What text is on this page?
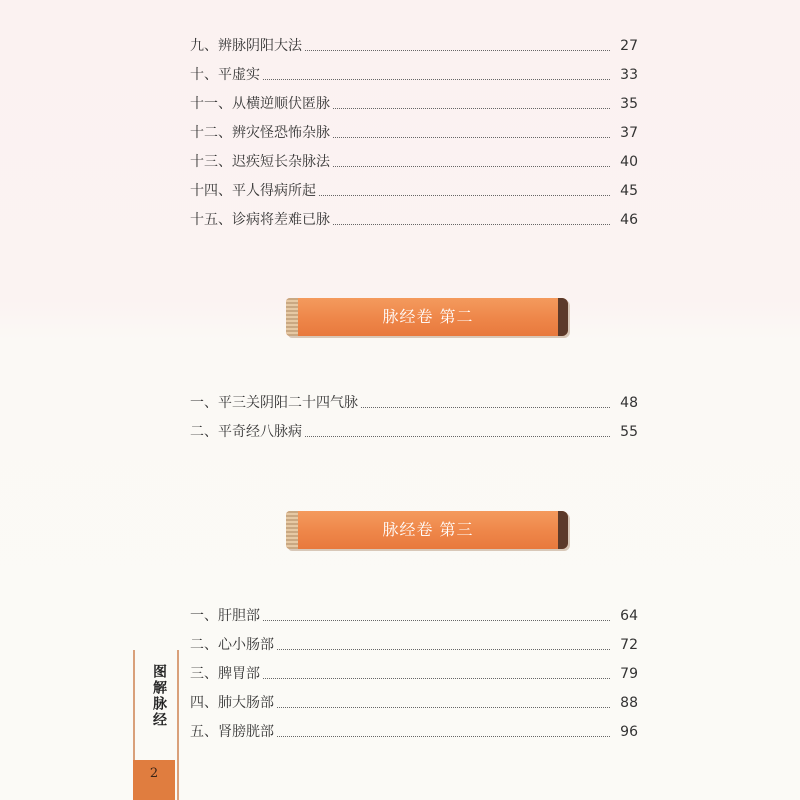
九、辨脉阴阳大法	27
十、平虚实	33
十一、从横逆顺伏匿脉	35
十二、辨灾怪恐怖杂脉	37
十三、迟疾短长杂脉法	40
十四、平人得病所起	45
十五、诊病将差难已脉	46
脉经卷 第二
一、平三关阴阳二十四气脉	48
二、平奇经八脉病	55
脉经卷 第三
一、肝胆部	64
二、心小肠部	72
三、脾胃部	79
四、肺大肠部	88
五、肾膀胱部	96
图解脉经
2
